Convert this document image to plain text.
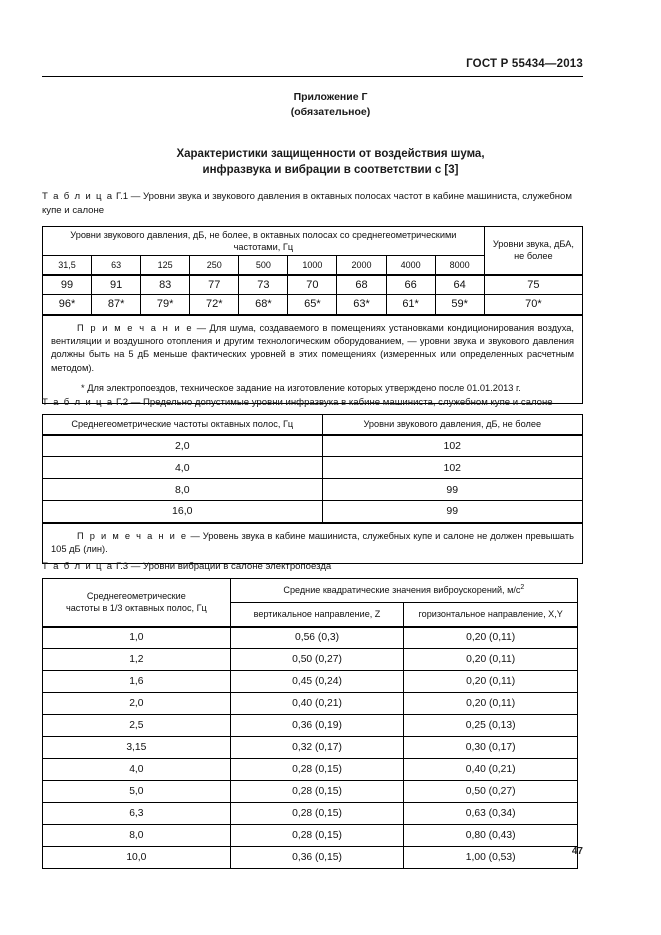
ГОСТ Р 55434—2013
Приложение Г
(обязательное)
Характеристики защищенности от воздействия шума,
инфразвука и вибрации в соответствии с [3]
Т а б л и ц а Г.1 — Уровни звука и звукового давления в октавных полосах частот в кабине машиниста, служебном купе и салоне
Уровни звукового давления, дБ, не более, в октавных полосах со среднегеометрическими частотами, Гц									Уровни звука, дБА, не более
31,5	63	125	250	500	1000	2000	4000	8000	
99	91	83	77	73	70	68	66	64	75
96*	87*	79*	72*	68*	65*	63*	61*	59*	70*

П р и м е ч а н и е — Для шума, создаваемого в помещениях установками кондиционирования воздуха, вентиляции и воздушного отопления и другим технологическим оборудованием, — уровни звука и звукового давления должны быть на 5 дБ меньше фактических уровней в этих помещениях (измеренных или определенных расчетным методом).

* Для электропоездов, техническое задание на изготовление которых утверждено после 01.01.2013 г.									

Т а б л и ц а Г.2 — Предельно допустимые уровни инфразвука в кабине машиниста, служебном купе и салоне
Среднегеометрические частоты октавных полос, Гц	Уровни звукового давления, дБ, не более
2,0	102
4,0	102
8,0	99
16,0	99

П р и м е ч а н и е — Уровень звука в кабине машиниста, служебных купе и салоне не должен превышать 105 дБ (лин).	

Т а б л и ц а Г.3 — Уровни вибрации в салоне электропоезда
Среднегеометрические
частоты в 1/3 октавных полос, Гц	Средние квадратические значения виброускорений, $м/с^2$
	вертикальное направление, Z	горизонтальное направление, X,Y
1,0	0,56 (0,3)	0,20 (0,11)
1,2	0,50 (0,27)	0,20 (0,11)
1,6	0,45 (0,24)	0,20 (0,11)
2,0	0,40 (0,21)	0,20 (0,11)
2,5	0,36 (0,19)	0,25 (0,13)
3,15	0,32 (0,17)	0,30 (0,17)
4,0	0,28 (0,15)	0,40 (0,21)
5,0	0,28 (0,15)	0,50 (0,27)
6,3	0,28 (0,15)	0,63 (0,34)
8,0	0,28 (0,15)	0,80 (0,43)
10,0	0,36 (0,15)	1,00 (0,53)
47
